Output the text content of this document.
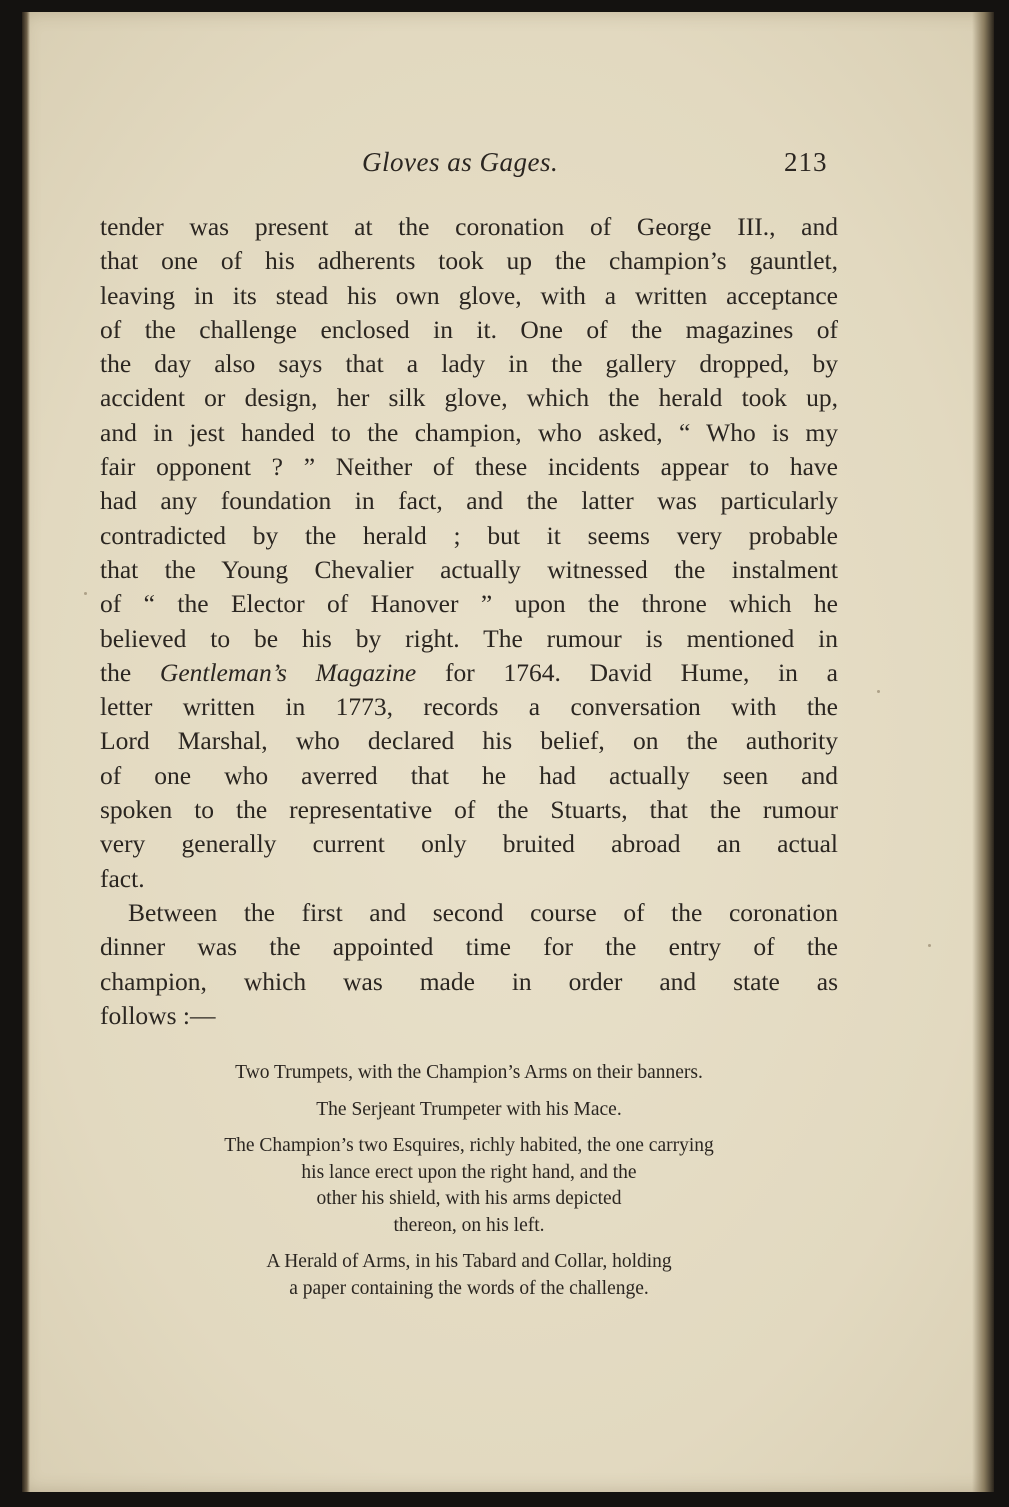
Gloves as Gages.	213
tender was present at the coronation of George III., and
that one of his adherents took up the champion’s gauntlet,
leaving in its stead his own glove, with a written acceptance
of the challenge enclosed in it. One of the magazines of
the day also says that a lady in the gallery dropped, by
accident or design, her silk glove, which the herald took up,
and in jest handed to the champion, who asked, “ Who is my
fair opponent ? ” Neither of these incidents appear to have
had any foundation in fact, and the latter was particularly
contradicted by the herald ; but it seems very probable
that the Young Chevalier actually witnessed the instalment
of “ the Elector of Hanover ” upon the throne which he
believed to be his by right. The rumour is mentioned in
the Gentleman’s Magazine for 1764. David Hume, in a
letter written in 1773, records a conversation with the
Lord Marshal, who declared his belief, on the authority
of one who averred that he had actually seen and
spoken to the representative of the Stuarts, that the rumour
very generally current only bruited abroad an actual
fact.
Between the first and second course of the coronation
dinner was the appointed time for the entry of the
champion, which was made in order and state as
follows :—
Two Trumpets, with the Champion’s Arms on their banners.
The Serjeant Trumpeter with his Mace.
The Champion’s two Esquires, richly habited, the one carrying
his lance erect upon the right hand, and the
other his shield, with his arms depicted
thereon, on his left.
A Herald of Arms, in his Tabard and Collar, holding
a paper containing the words of the challenge.
